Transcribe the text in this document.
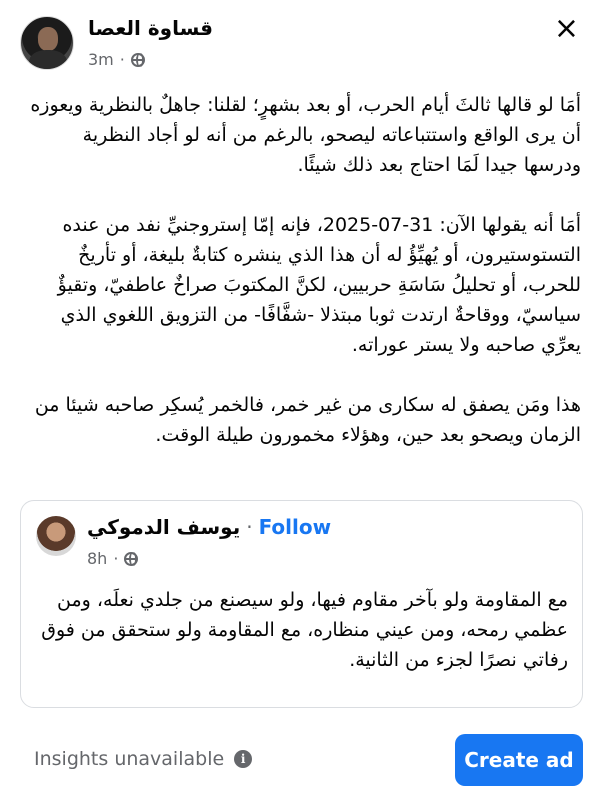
قساوة العصا
3m ·
×

أمَا لو قالها ثالثَ أيام الحرب، أو بعد بشهرٍ؛ لقلنا: جاهلٌ بالنظرية ويعوزه أن يرى الواقع واستتباعاته ليصحو، بالرغم من أنه لو أجاد النظرية ودرسها جيدا لَمَا احتاج بعد ذلك شيئًا.

أمَا أنه يقولها الآن: 31-07-2025، فإنه إمّا إستروجنيِّ نفد من عنده التستوستيرون، أو يُهيِّؤُ له أن هذا الذي ينشره كتابةٌ بليغة، أو تأريخٌ للحرب، أو تحليلُ سَاسَةِ حربيين، لكنَّ المكتوبَ صراخٌ عاطفيّ، وتقيؤٌ سياسيّ، ووقاحةٌ ارتدت ثوبا مبتذلا -شفَّافًا- من التزويق اللغوي الذي يعرِّي صاحبه ولا يستر عوراته.

هذا ومَن يصفق له سكارى من غير خمر، فالخمر يُسكِر صاحبه شيئا من الزمان ويصحو بعد حين، وهؤلاء مخمورون طيلة الوقت.

يوسف الدموكي · Follow
8h ·
مع المقاومة ولو بآخر مقاوم فيها، ولو سيصنع من جلدي نعلَه، ومن عظمي رمحه، ومن عيني منظاره، مع المقاومة ولو ستحقق من فوق رفاتي نصرًا لجزء من الثانية.
Insights unavailable	i	Create ad
